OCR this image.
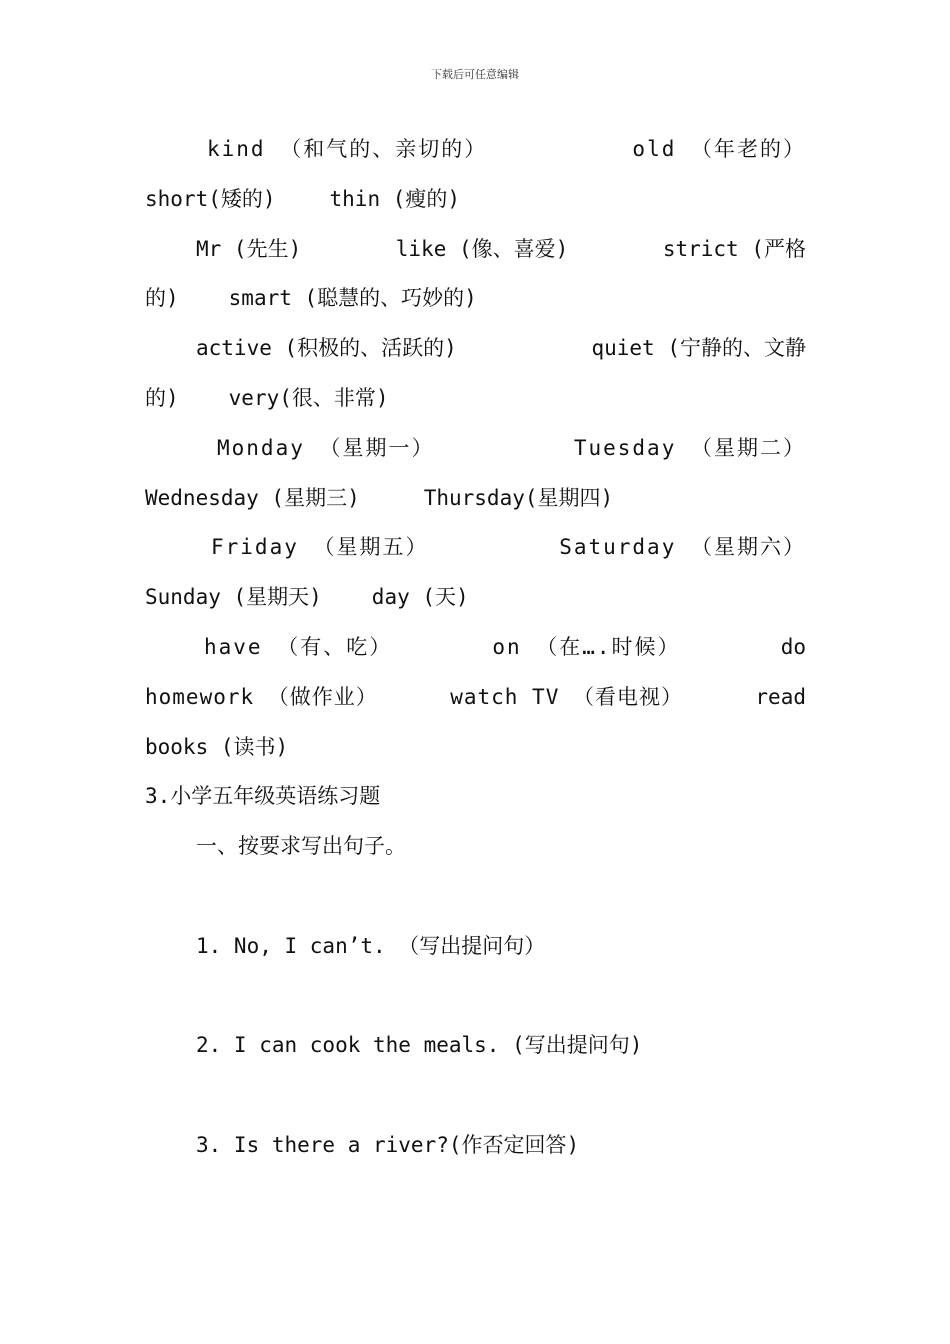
下载后可任意编辑
kind （和气的、亲切的）	old （年老的）
short(矮的)	thin (瘦的)
Mr (先生)	like (像、喜爱)	strict (严格
的) smart (聪慧的、巧妙的)
active (积极的、活跃的)	quiet (宁静的、文静
的) very(很、非常)
Monday （星期一）	Tuesday （星期二）
Wednesday (星期三)	Thursday(星期四)
Friday （星期五）	Saturday （星期六）
Sunday (星期天) day (天)
have （有、吃）	on （在….时候）	do
homework （做作业）	watch TV （看电视）	read
books (读书)
3.小学五年级英语练习题
一、按要求写出句子。
1. No, I can’t. （写出提问句）
2. I can cook the meals. (写出提问句)
3. Is there a river?(作否定回答)
